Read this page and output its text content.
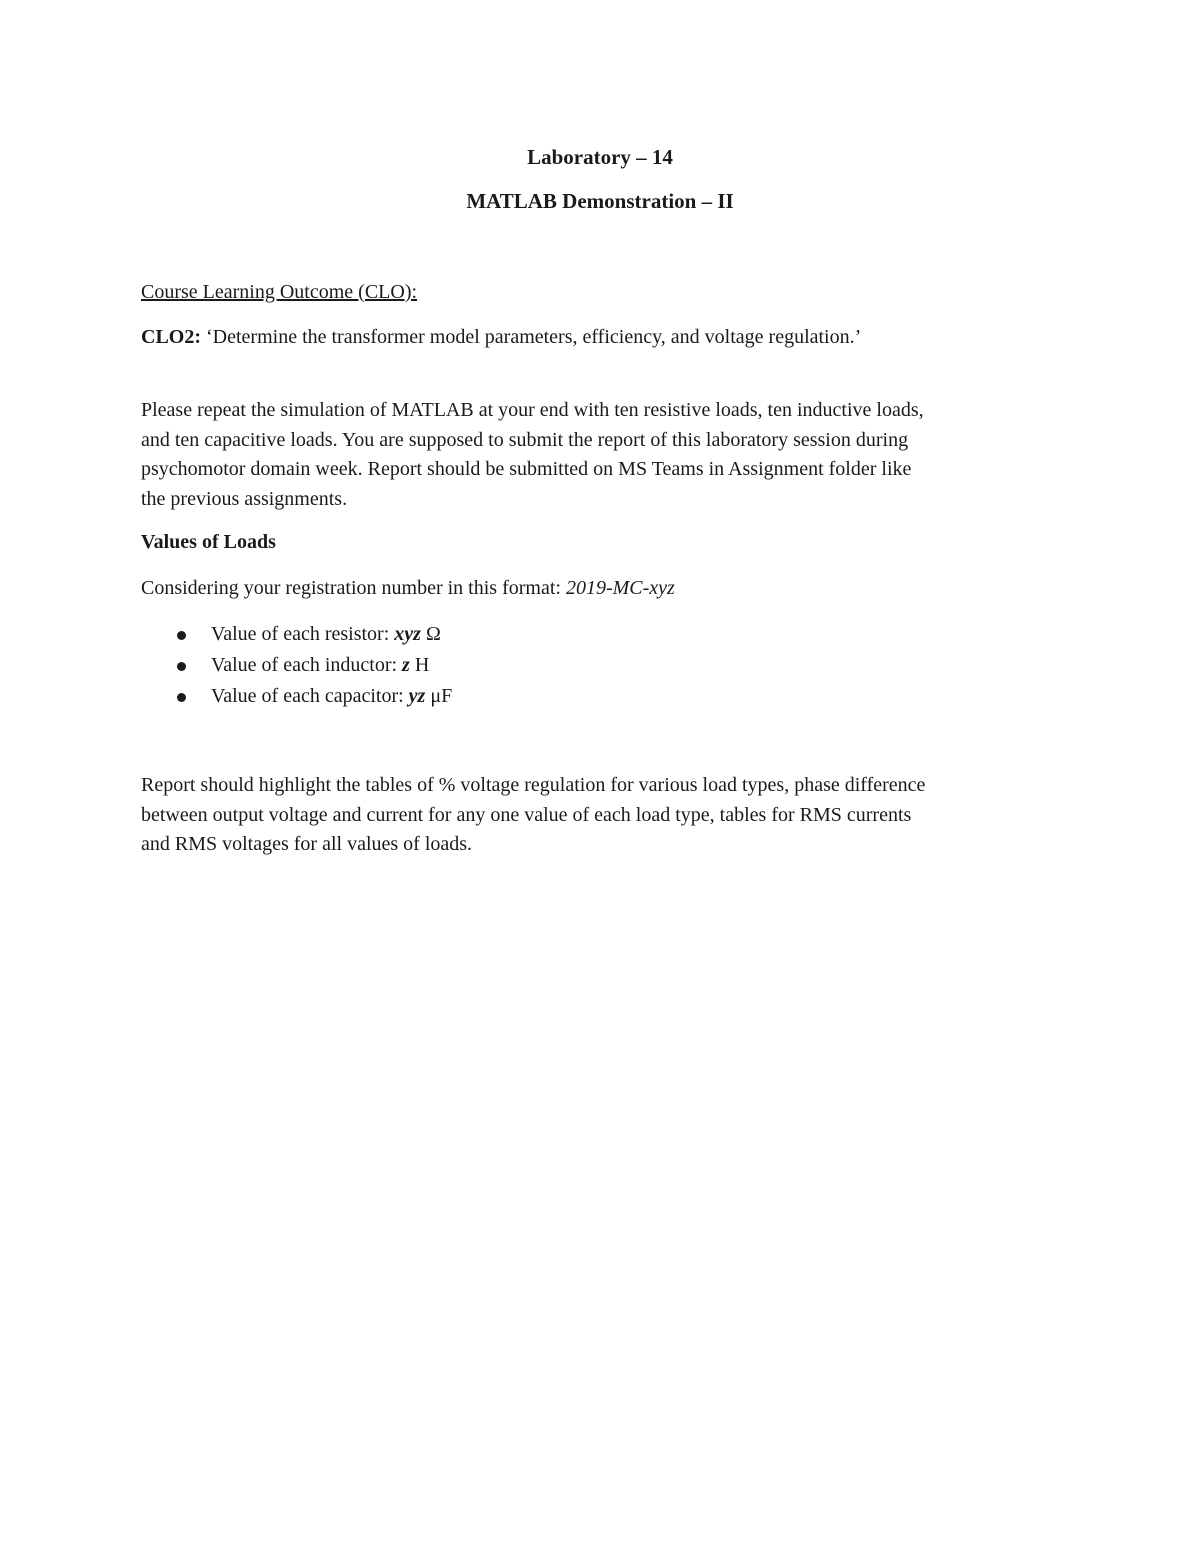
Laboratory – 14
MATLAB Demonstration – II

Course Learning Outcome (CLO):

CLO2: ‘Determine the transformer model parameters, efficiency, and voltage regulation.’

Please repeat the simulation of MATLAB at your end with ten resistive loads, ten inductive loads,
and ten capacitive loads. You are supposed to submit the report of this laboratory session during
psychomotor domain week. Report should be submitted on MS Teams in Assignment folder like
the previous assignments.

Values of Loads

Considering your registration number in this format: 2019-MC-xyz

Value of each resistor: xyz Ω
Value of each inductor: z H
Value of each capacitor: yz μF
Report should highlight the tables of % voltage regulation for various load types, phase difference
between output voltage and current for any one value of each load type, tables for RMS currents
and RMS voltages for all values of loads.
